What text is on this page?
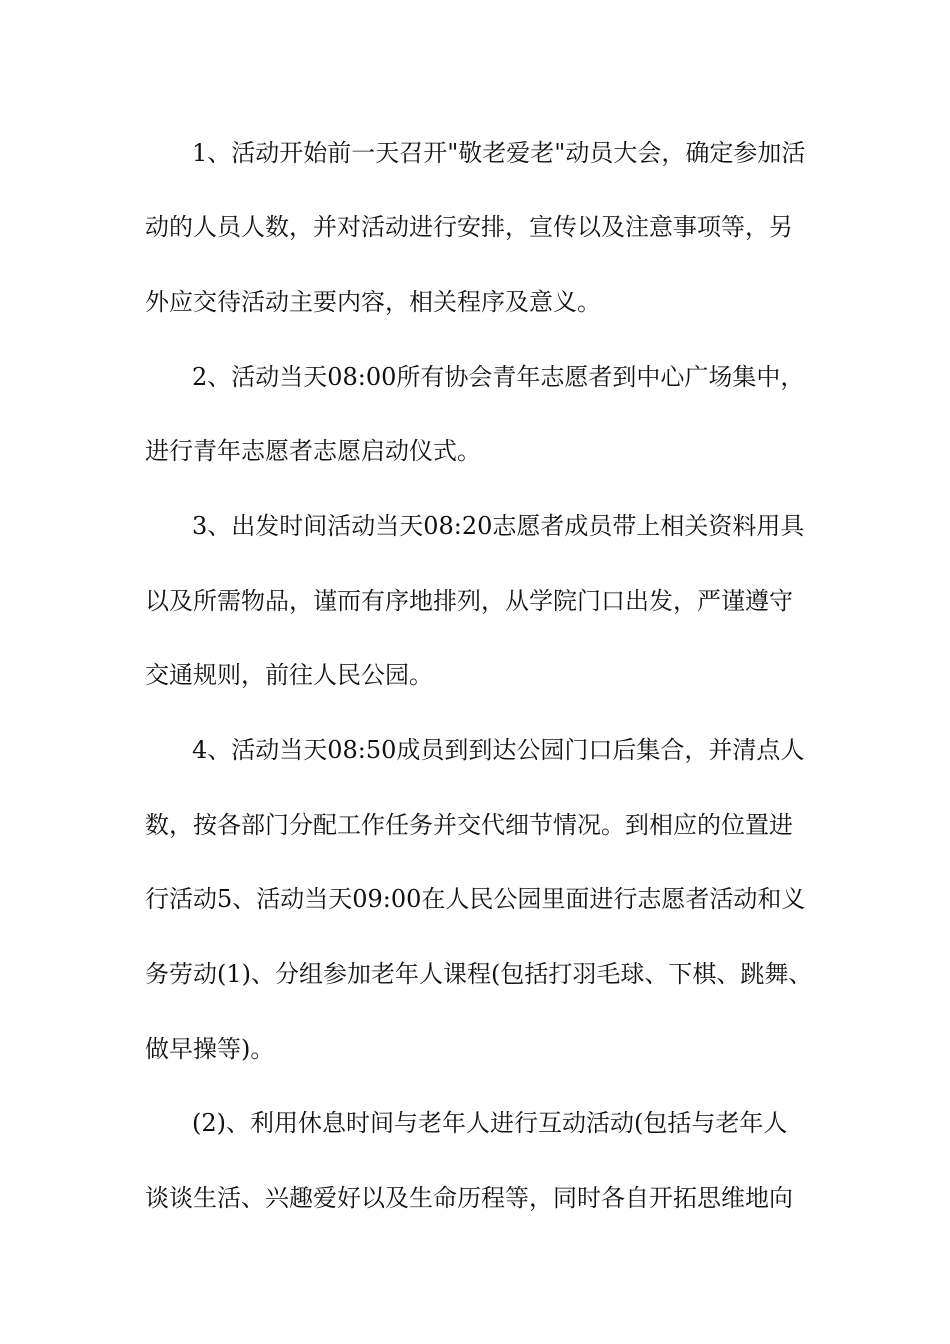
1、活动开始前一天召开"敬老爱老"动员大会，确定参加活
动的人员人数，并对活动进行安排，宣传以及注意事项等，另
外应交待活动主要内容，相关程序及意义。
2、活动当天08:00所有协会青年志愿者到中心广场集中，
进行青年志愿者志愿启动仪式。
3、出发时间活动当天08:20志愿者成员带上相关资料用具
以及所需物品，谨而有序地排列，从学院门口出发，严谨遵守
交通规则，前往人民公园。
4、活动当天08:50成员到到达公园门口后集合，并清点人
数，按各部门分配工作任务并交代细节情况。到相应的位置进
行活动5、活动当天09:00在人民公园里面进行志愿者活动和义
务劳动(1)、分组参加老年人课程(包括打羽毛球、下棋、跳舞、
做早操等)。
(2)、利用休息时间与老年人进行互动活动(包括与老年人
谈谈生活、兴趣爱好以及生命历程等，同时各自开拓思维地向
